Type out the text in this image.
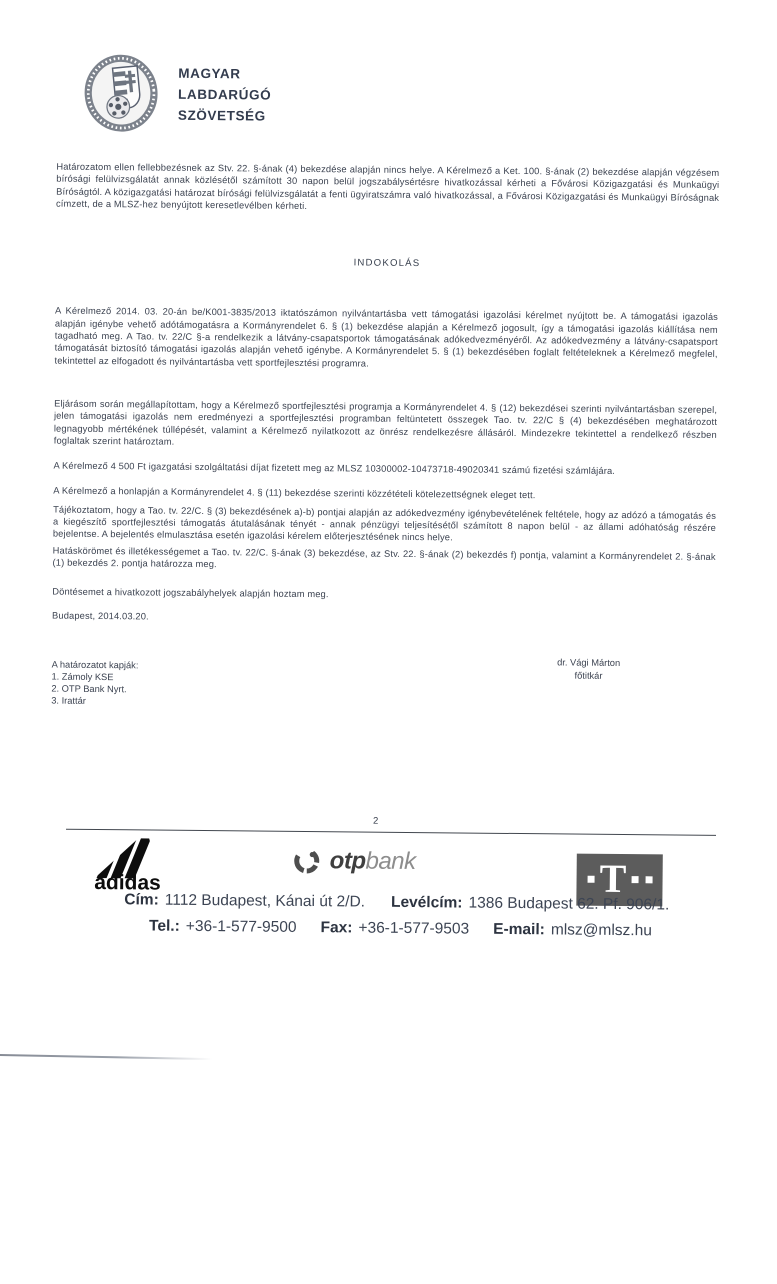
MAGYAR
LABDARÚGÓ
SZÖVETSÉG
Határozatom ellen fellebbezésnek az Stv. 22. §-ának (4) bekezdése alapján nincs helye. A Kérelmező a Ket. 100. §-ának (2) bekezdése alapján végzésem bírósági felülvizsgálatát annak közlésétől számított 30 napon belül jogszabálysértésre hivatkozással kérheti a Fővárosi Közigazgatási és Munkaügyi Bíróságtól. A közigazgatási határozat bírósági felülvizsgálatát a fenti ügyiratszámra való hivatkozással, a Fővárosi Közigazgatási és Munkaügyi Bíróságnak címzett, de a MLSZ-hez benyújtott keresetlevélben kérheti.
INDOKOLÁS
A Kérelmező 2014. 03. 20-án be/K001-3835/2013 iktatószámon nyilvántartásba vett támogatási igazolási kérelmet nyújtott be. A támogatási igazolás alapján igénybe vehető adótámogatásra a Kormányrendelet 6. § (1) bekezdése alapján a Kérelmező jogosult, így a támogatási igazolás kiállítása nem tagadható meg. A Tao. tv. 22/C §-a rendelkezik a látvány-csapatsportok támogatásának adókedvezményéről. Az adókedvezmény a látvány-csapatsport támogatását biztosító támogatási igazolás alapján vehető igénybe. A Kormányrendelet 5. § (1) bekezdésében foglalt feltételeknek a Kérelmező megfelel, tekintettel az elfogadott és nyilvántartásba vett sportfejlesztési programra.
Eljárásom során megállapítottam, hogy a Kérelmező sportfejlesztési programja a Kormányrendelet 4. § (12) bekezdései szerinti nyilvántartásban szerepel, jelen támogatási igazolás nem eredményezi a sportfejlesztési programban feltüntetett összegek Tao. tv. 22/C § (4) bekezdésében meghatározott legnagyobb mértékének túllépését, valamint a Kérelmező nyilatkozott az önrész rendelkezésre állásáról. Mindezekre tekintettel a rendelkező részben foglaltak szerint határoztam.
A Kérelmező 4 500 Ft igazgatási szolgáltatási díjat fizetett meg az MLSZ 10300002-10473718-49020341 számú fizetési számlájára.
A Kérelmező a honlapján a Kormányrendelet 4. § (11) bekezdése szerinti közzétételi kötelezettségnek eleget tett.
Tájékoztatom, hogy a Tao. tv. 22/C. § (3) bekezdésének a)-b) pontjai alapján az adókedvezmény igénybevételének feltétele, hogy az adózó a támogatás és a kiegészítő sportfejlesztési támogatás átutalásának tényét - annak pénzügyi teljesítésétől számított 8 napon belül - az állami adóhatóság részére bejelentse. A bejelentés elmulasztása esetén igazolási kérelem előterjesztésének nincs helye.
Hatáskörömet és illetékességemet a Tao. tv. 22/C. §-ának (3) bekezdése, az Stv. 22. §-ának (2) bekezdés f) pontja, valamint a Kormányrendelet 2. §-ának (1) bekezdés 2. pontja határozza meg.
Döntésemet a hivatkozott jogszabályhelyek alapján hoztam meg.
Budapest, 2014.03.20.
dr. Vági Márton
főtitkár
A határozatot kapják:
1. Zámoly KSE
2. OTP Bank Nyrt.
3. Irattár
2
adidas
otpbank	T
Cím: 1112 Budapest, Kánai út 2/D. Levélcím: 1386 Budapest 62. Pf. 906/1.
Tel.: +36-1-577-9500 Fax: +36-1-577-9503 E-mail: mlsz@mlsz.hu
